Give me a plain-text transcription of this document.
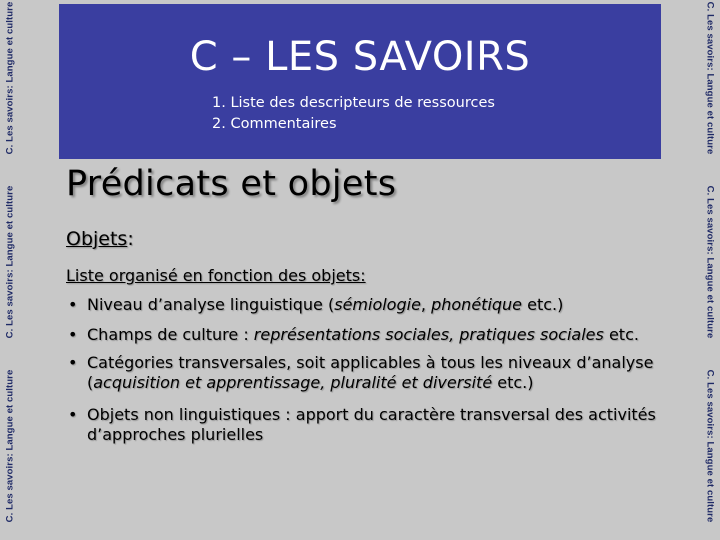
C. Les savoirs: Langue et culture
C. Les savoirs: Langue et culture
C. Les savoirs: Langue et culture
C. Les savoirs: Langue et culture
C. Les savoirs: Langue et culture
C. Les savoirs: Langue et culture
C – LES SAVOIRS
1. Liste des descripteurs de ressources
2. Commentaires
Prédicats et objets
Objets:

Liste organisé en fonction des objets:

• Niveau d’analyse linguistique (sémiologie, phonétique etc.)
• Champs de culture : représentations sociales, pratiques sociales etc.
• Catégories transversales, soit applicables à tous les niveaux d’analyse (acquisition et apprentissage, pluralité et diversité etc.)
• Objets non linguistiques : apport du caractère transversal des activités d’approches plurielles
